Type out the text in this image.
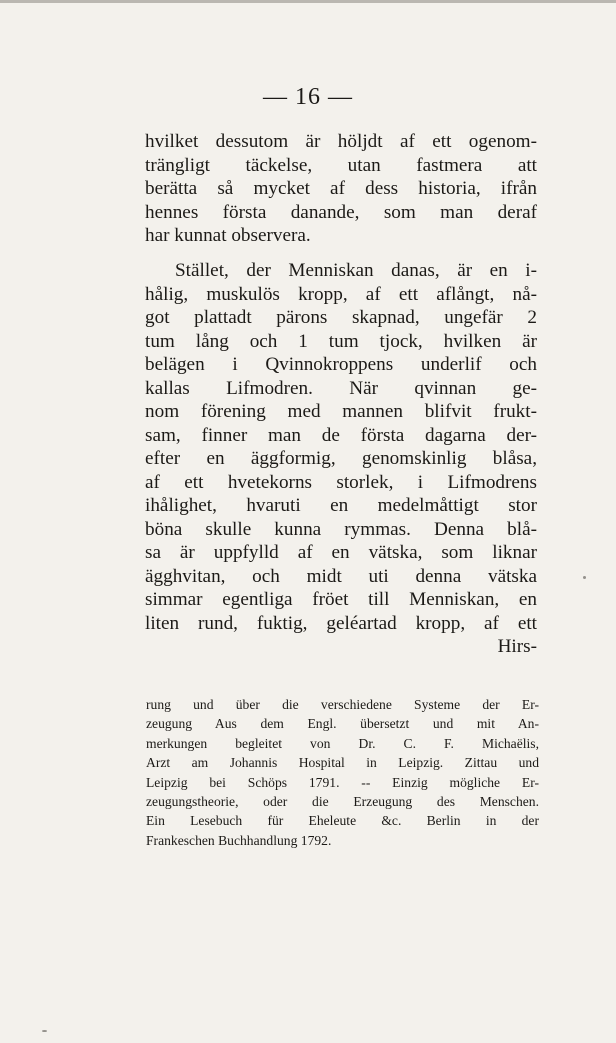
— 16 —
hvilket dessutom är höljdt af ett ogenom-
trängligt täckelse, utan fastmera att
berätta så mycket af dess historia, ifrån
hennes första danande, som man deraf
har kunnat observera.
Stället, der Menniskan danas, är en i-
hålig, muskulös kropp, af ett aflångt, nå-
got plattadt pärons skapnad, ungefär 2
tum lång och 1 tum tjock, hvilken är
belägen i Qvinnokroppens underlif och
kallas Lifmodren. När qvinnan ge-
nom förening med mannen blifvit frukt-
sam, finner man de första dagarna der-
efter en äggformig, genomskinlig blåsa,
af ett hvetekorns storlek, i Lifmodrens
ihålighet, hvaruti en medelmåttigt stor
böna skulle kunna rymmas. Denna blå-
sa är uppfylld af en vätska, som liknar
ägghvitan, och midt uti denna vätska
simmar egentliga fröet till Menniskan, en
liten rund, fuktig, geléartad kropp, af ett
Hirs-
rung und über die verschiedene Systeme der Er-
zeugung Aus dem Engl. übersetzt und mit An-
merkungen begleitet von Dr. C. F. Michaëlis,
Arzt am Johannis Hospital in Leipzig. Zittau und
Leipzig bei Schöps 1791. -- Einzig mögliche Er-
zeugungstheorie, oder die Erzeugung des Menschen.
Ein Lesebuch für Eheleute &c. Berlin in der
Frankeschen Buchhandlung 1792.
